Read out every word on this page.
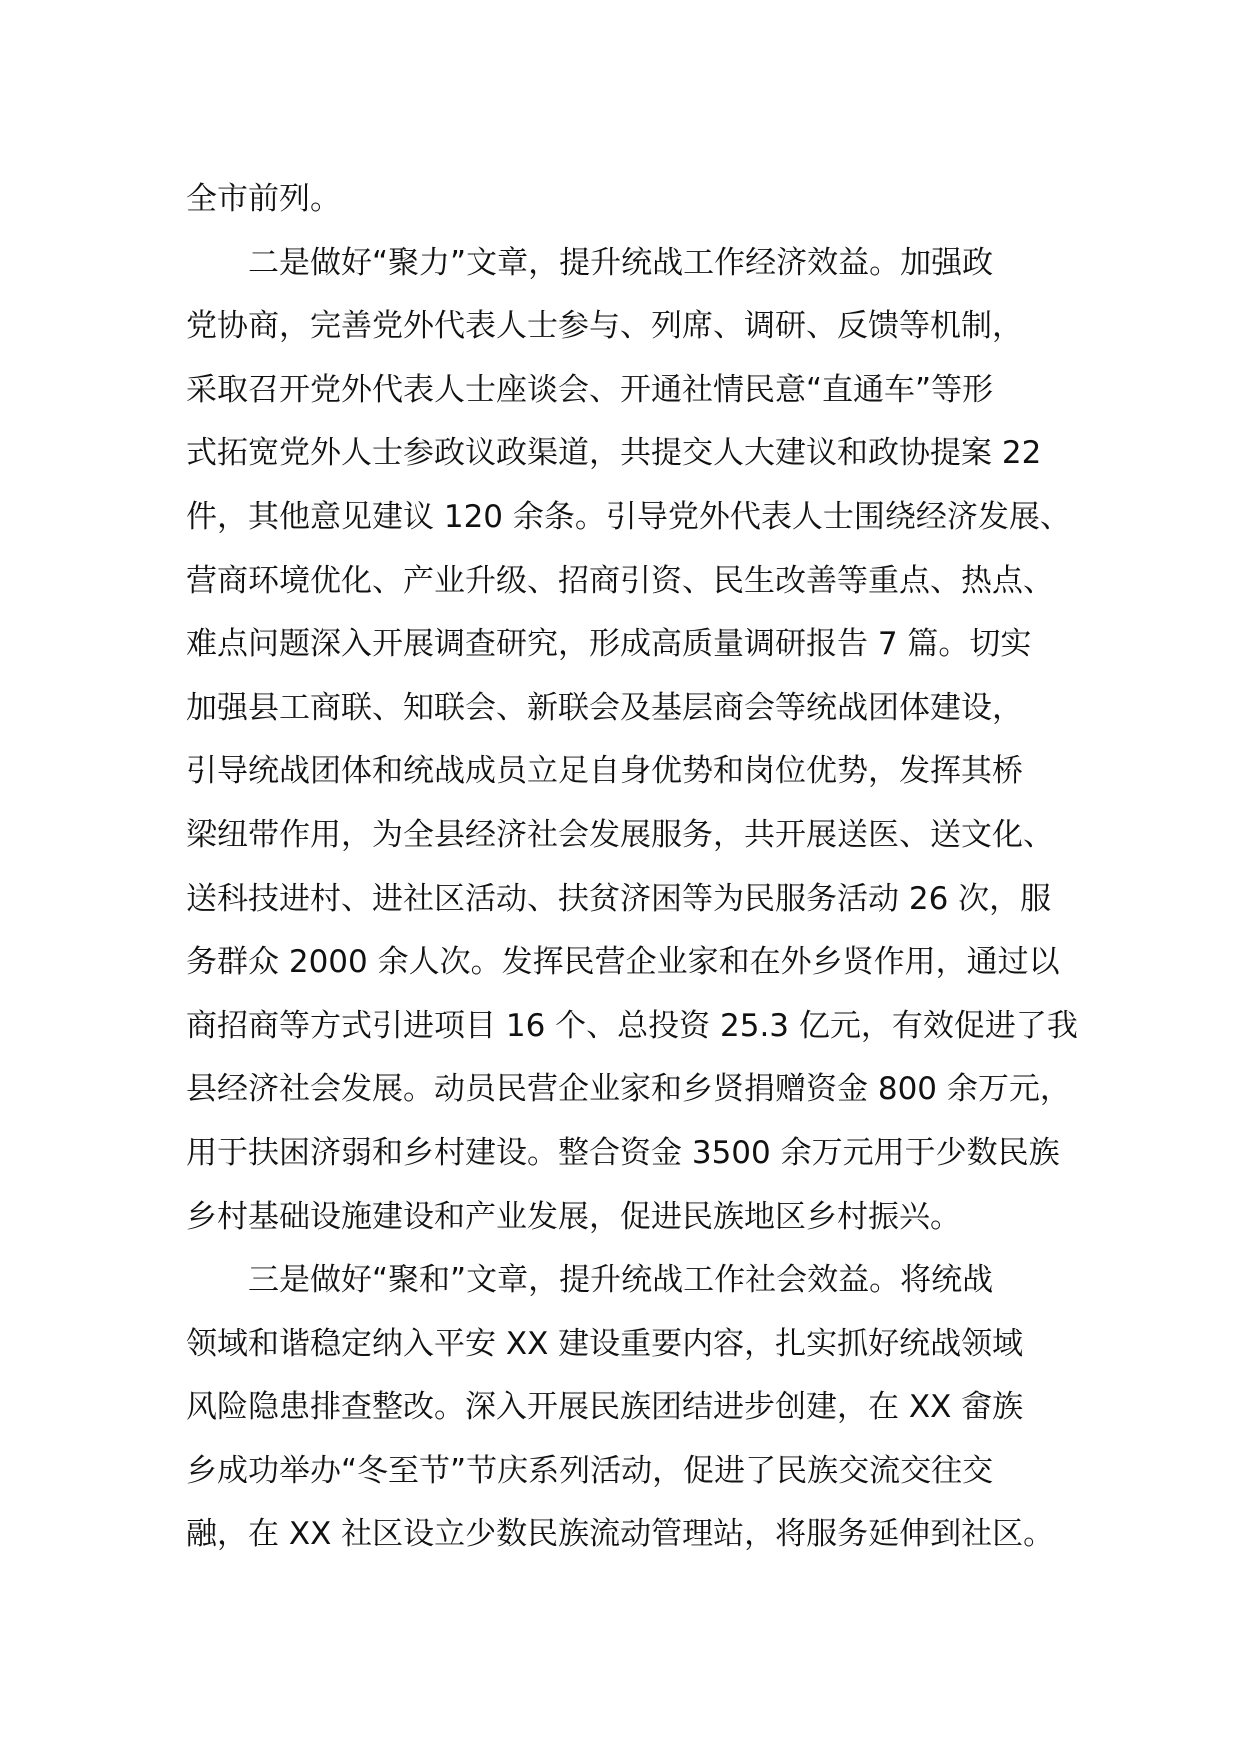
全市前列。
二是做好“聚力”文章，提升统战工作经济效益。加强政
党协商，完善党外代表人士参与、列席、调研、反馈等机制，
采取召开党外代表人士座谈会、开通社情民意“直通车”等形
式拓宽党外人士参政议政渠道，共提交人大建议和政协提案 22
件，其他意见建议 120 余条。引导党外代表人士围绕经济发展、
营商环境优化、产业升级、招商引资、民生改善等重点、热点、
难点问题深入开展调查研究，形成高质量调研报告 7 篇。切实
加强县工商联、知联会、新联会及基层商会等统战团体建设，
引导统战团体和统战成员立足自身优势和岗位优势，发挥其桥
梁纽带作用，为全县经济社会发展服务，共开展送医、送文化、
送科技进村、进社区活动、扶贫济困等为民服务活动 26 次，服
务群众 2000 余人次。发挥民营企业家和在外乡贤作用，通过以
商招商等方式引进项目 16 个、总投资 25.3 亿元，有效促进了我
县经济社会发展。动员民营企业家和乡贤捐赠资金 800 余万元，
用于扶困济弱和乡村建设。整合资金 3500 余万元用于少数民族
乡村基础设施建设和产业发展，促进民族地区乡村振兴。
三是做好“聚和”文章，提升统战工作社会效益。将统战
领域和谐稳定纳入平安 XX 建设重要内容，扎实抓好统战领域
风险隐患排查整改。深入开展民族团结进步创建，在 XX 畲族
乡成功举办“冬至节”节庆系列活动，促进了民族交流交往交
融，在 XX 社区设立少数民族流动管理站，将服务延伸到社区。
